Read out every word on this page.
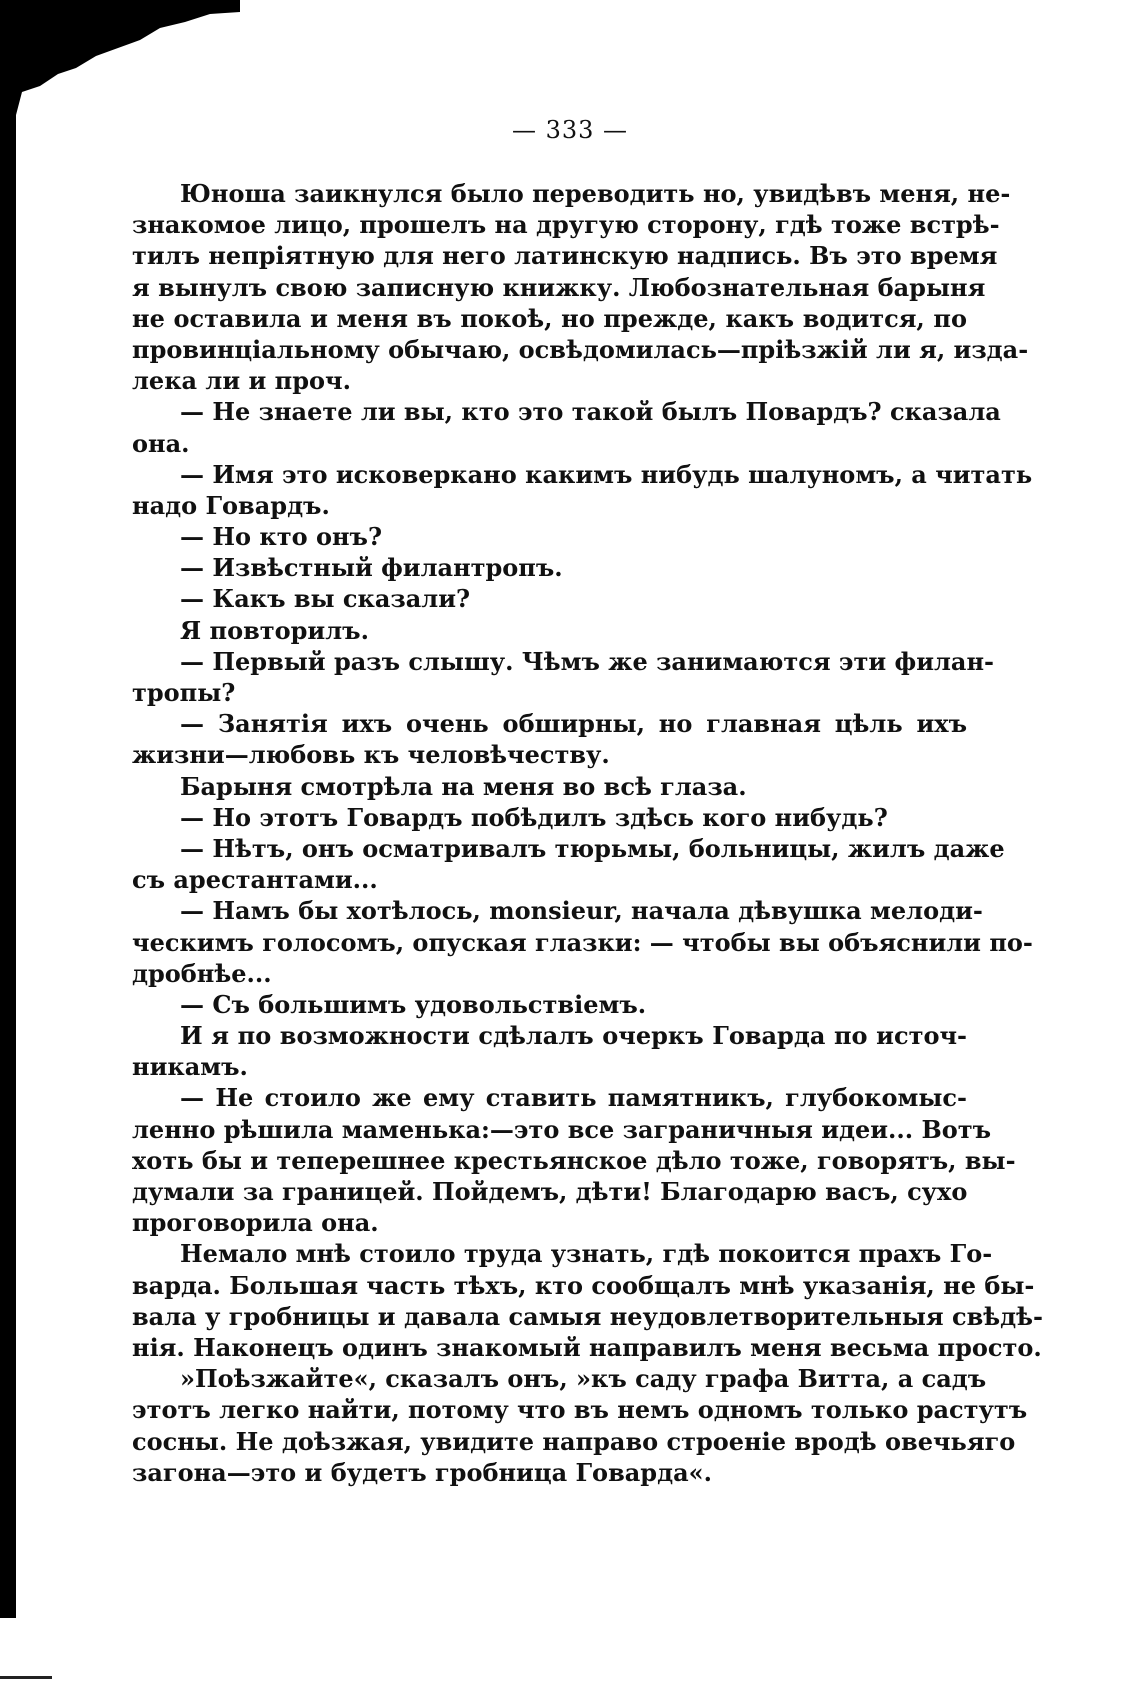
— 333 —
Юноша заикнулся было переводить но, увидѣвъ меня, не-
знакомое лицо, прошелъ на другую сторону, гдѣ тоже встрѣ-
тилъ непріятную для него латинскую надпись. Въ это время
я вынулъ свою записную книжку. Любознательная барыня
не оставила и меня въ покоѣ, но прежде, какъ водится, по
провинціальному обычаю, освѣдомилась—пріѣзжій ли я, изда-
лека ли и проч.
— Не знаете ли вы, кто это такой былъ Повардъ? сказала
она.
— Имя это исковеркано какимъ нибудь шалуномъ, а читать
надо Говардъ.
— Но кто онъ?
— Извѣстный филантропъ.
— Какъ вы сказали?
Я повторилъ.
— Первый разъ слышу. Чѣмъ же занимаются эти филан-
тропы?
— Занятія ихъ очень обширны, но главная цѣль ихъ
жизни—любовь къ человѣчеству.
Барыня смотрѣла на меня во всѣ глаза.
— Но этотъ Говардъ побѣдилъ здѣсь кого нибудь?
— Нѣтъ, онъ осматривалъ тюрьмы, больницы, жилъ даже
съ арестантами...
— Намъ бы хотѣлось, monsieur, начала дѣвушка мелоди-
ческимъ голосомъ, опуская глазки: — чтобы вы объяснили по-
дробнѣе...
— Съ большимъ удовольствіемъ.
И я по возможности сдѣлалъ очеркъ Говарда по источ-
никамъ.
— Не стоило же ему ставить памятникъ, глубокомыс-
ленно рѣшила маменька:—это все заграничныя идеи... Вотъ
хоть бы и теперешнее крестьянское дѣло тоже, говорятъ, вы-
думали за границей. Пойдемъ, дѣти! Благодарю васъ, сухо
проговорила она.
Немало мнѣ стоило труда узнать, гдѣ покоится прахъ Го-
варда. Большая часть тѣхъ, кто сообщалъ мнѣ указанія, не бы-
вала у гробницы и давала самыя неудовлетворительныя свѣдѣ-
нія. Наконецъ одинъ знакомый направилъ меня весьма просто.
»Поѣзжайте«, сказалъ онъ, »къ саду графа Витта, а садъ
этотъ легко найти, потому что въ немъ одномъ только растутъ
сосны. Не доѣзжая, увидите направо строеніе вродѣ овечьяго
загона—это и будетъ гробница Говарда«.
